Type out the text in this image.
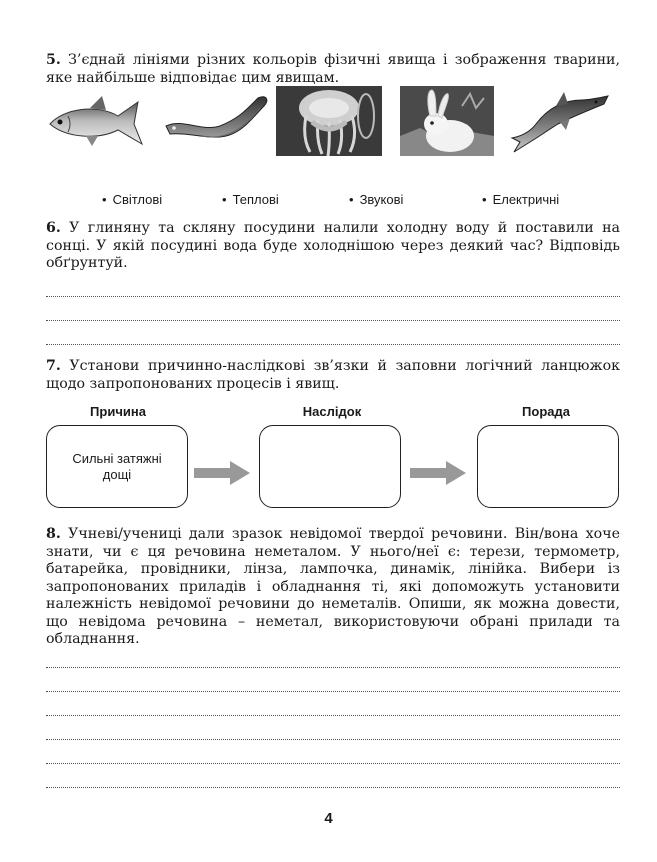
5. З’єднай лініями різних кольорів фізичні явища і зображення тварини, яке найбільше відповідає цим явищам.
• Світлові	• Теплові	• Звукові	• Електричні
6. У глиняну та скляну посудини налили холодну воду й поставили на сонці. У якій посудині вода буде холоднішою через деякий час? Відповідь обґрунтуй.
7. Установи причинно-наслідкові зв’язки й заповни логічний ланцюжок щодо запропонованих процесів і явищ.
Причина	Наслідок	Порада
Сильні затяжні дощі
8. Учневі/учениці дали зразок невідомої твердої речовини. Він/вона хоче знати, чи є ця речовина неметалом. У нього/неї є: терези, термометр, батарейка, провідники, лінза, лампочка, динамік, лінійка. Вибери із запропонованих приладів і обладнання ті, які допоможуть установити належність невідомої речовини до неметалів. Опиши, як можна довести, що невідома речовина – неметал, використовуючи обрані прилади та обладнання.
4
